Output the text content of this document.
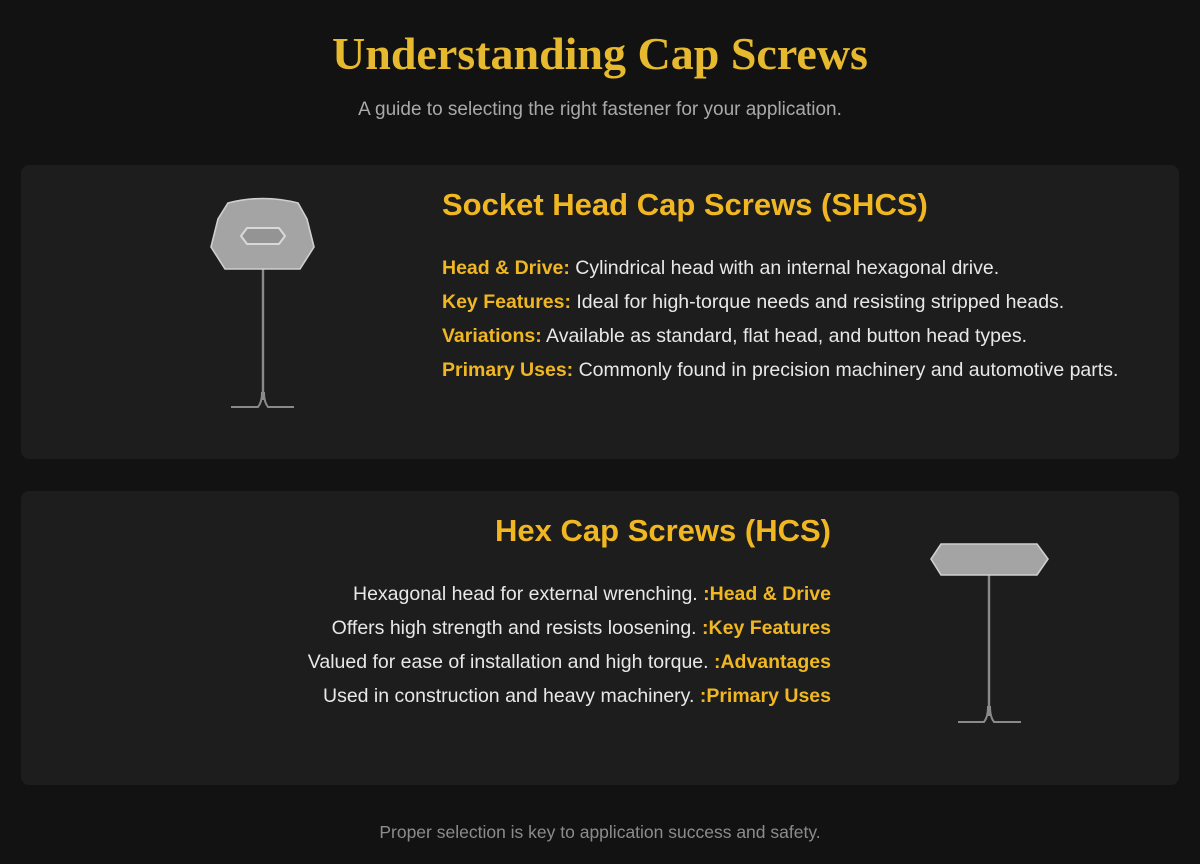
Understanding Cap Screws

A guide to selecting the right fastener for your application.

Socket Head Cap Screws (SHCS)
Head & Drive: Cylindrical head with an internal hexagonal drive.
Key Features: Ideal for high-torque needs and resisting stripped heads.
Variations: Available as standard, flat head, and button head types.
Primary Uses: Commonly found in precision machinery and automotive parts.
Hex Cap Screws (HCS)
Hexagonal head for external wrenching. :Head & Drive
Offers high strength and resists loosening. :Key Features
Valued for ease of installation and high torque. :Advantages
Used in construction and heavy machinery. :Primary Uses

Proper selection is key to application success and safety.
